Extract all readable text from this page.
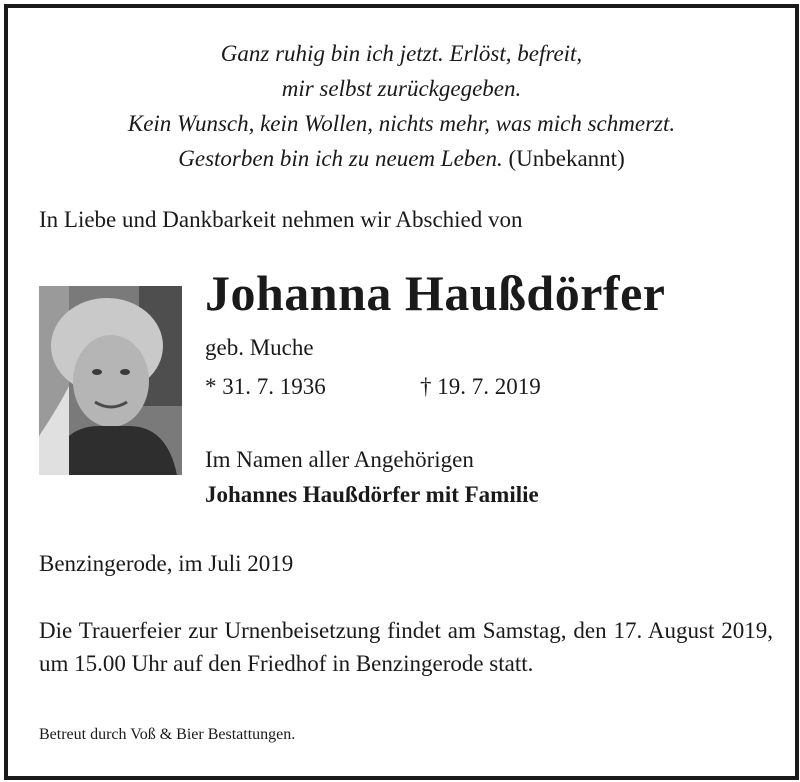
Ganz ruhig bin ich jetzt. Erlöst, befreit,
mir selbst zurückgegeben.
Kein Wunsch, kein Wollen, nichts mehr, was mich schmerzt.
Gestorben bin ich zu neuem Leben. (Unbekannt)
In Liebe und Dankbarkeit nehmen wir Abschied von
Johanna Haußdörfer
geb. Muche
* 31. 7. 1936	† 19. 7. 2019
Im Namen aller Angehörigen
Johannes Haußdörfer mit Familie
Benzingerode, im Juli 2019
Die Trauerfeier zur Urnenbeisetzung findet am Samstag, den 17. August 2019, um 15.00 Uhr auf den Friedhof in Benzingerode statt.
Betreut durch Voß & Bier Bestattungen.
